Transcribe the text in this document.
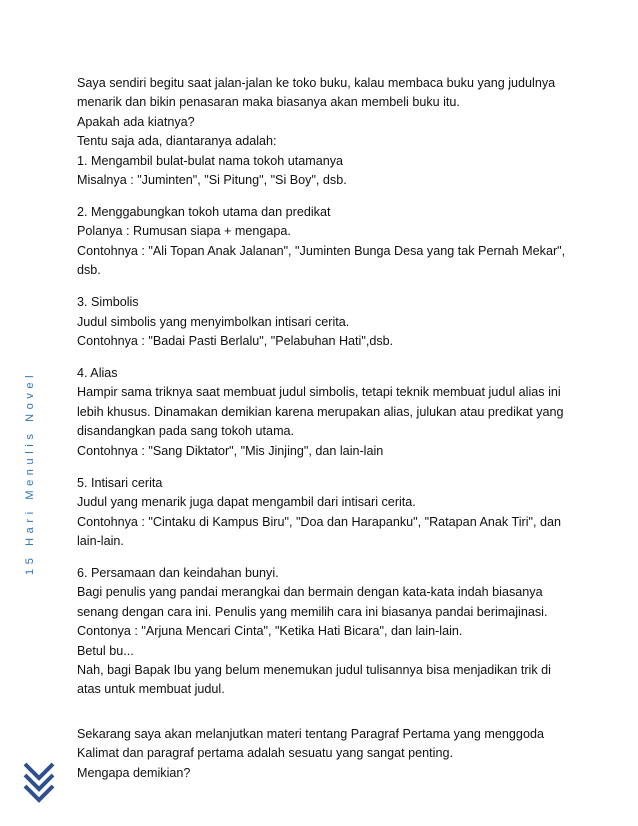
15 Hari Menulis Novel
Saya sendiri begitu saat jalan-jalan ke toko buku, kalau membaca buku yang judulnya
menarik dan bikin penasaran maka biasanya akan membeli buku itu.
Apakah ada kiatnya?
Tentu saja ada, diantaranya adalah:
1. Mengambil bulat-bulat nama tokoh utamanya
Misalnya : "Juminten", "Si Pitung", "Si Boy", dsb.
2. Menggabungkan tokoh utama dan predikat
Polanya : Rumusan siapa + mengapa.
Contohnya : "Ali Topan Anak Jalanan", "Juminten Bunga Desa yang tak Pernah Mekar",
dsb.
3. Simbolis
Judul simbolis yang menyimbolkan intisari cerita.
Contohnya : "Badai Pasti Berlalu", "Pelabuhan Hati",dsb.
4. Alias
Hampir sama triknya saat membuat judul simbolis, tetapi teknik membuat judul alias ini
lebih khusus. Dinamakan demikian karena merupakan alias, julukan atau predikat yang
disandangkan pada sang tokoh utama.
Contohnya : "Sang Diktator", "Mis Jinjing", dan lain-lain
5. Intisari cerita
Judul yang menarik juga dapat mengambil dari intisari cerita.
Contohnya : "Cintaku di Kampus Biru", "Doa dan Harapanku", "Ratapan Anak Tiri", dan
lain-lain.
6. Persamaan dan keindahan bunyi.
Bagi penulis yang pandai merangkai dan bermain dengan kata-kata indah biasanya
senang dengan cara ini. Penulis yang memilih cara ini biasanya pandai berimajinasi.
Contonya : "Arjuna Mencari Cinta", "Ketika Hati Bicara", dan lain-lain.
Betul bu...
Nah, bagi Bapak Ibu yang belum menemukan judul tulisannya bisa menjadikan trik di
atas untuk membuat judul.
Sekarang saya akan melanjutkan materi tentang Paragraf Pertama yang menggoda
Kalimat dan paragraf pertama adalah sesuatu yang sangat penting.
Mengapa demikian?
